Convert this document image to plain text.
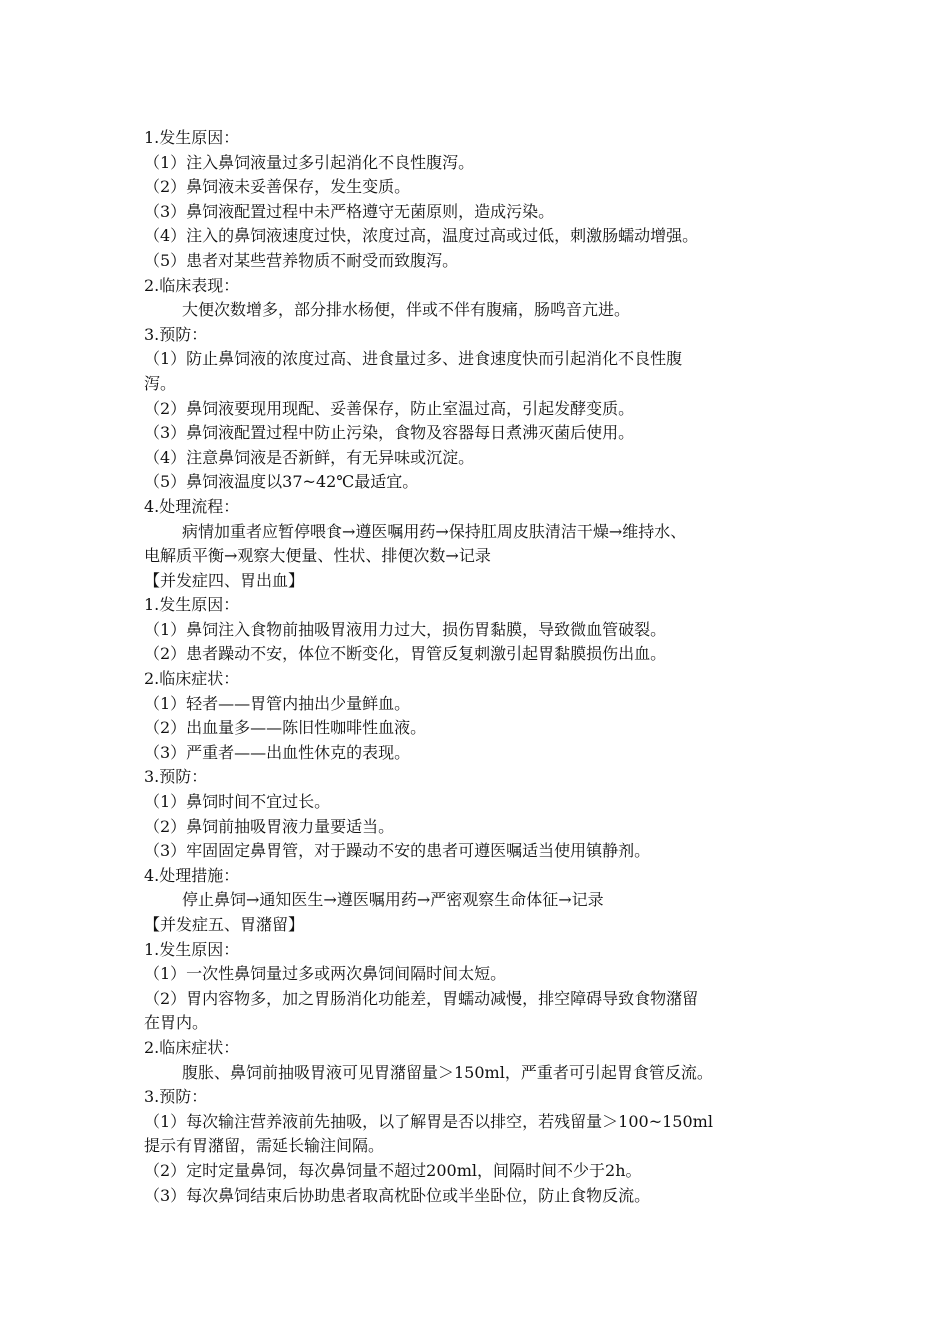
1.发生原因：
（1）注入鼻饲液量过多引起消化不良性腹泻。
（2）鼻饲液未妥善保存，发生变质。
（3）鼻饲液配置过程中未严格遵守无菌原则，造成污染。
（4）注入的鼻饲液速度过快，浓度过高，温度过高或过低，刺激肠蠕动增强。
（5）患者对某些营养物质不耐受而致腹泻。
2.临床表现：
大便次数增多，部分排水杨便，伴或不伴有腹痛，肠鸣音亢进。
3.预防：
（1）防止鼻饲液的浓度过高、进食量过多、进食速度快而引起消化不良性腹
泻。
（2）鼻饲液要现用现配、妥善保存，防止室温过高，引起发酵变质。
（3）鼻饲液配置过程中防止污染，食物及容器每日煮沸灭菌后使用。
（4）注意鼻饲液是否新鲜，有无异味或沉淀。
（5）鼻饲液温度以37~42℃最适宜。
4.处理流程：
病情加重者应暂停喂食→遵医嘱用药→保持肛周皮肤清洁干燥→维持水、
电解质平衡→观察大便量、性状、排便次数→记录
【并发症四、胃出血】
1.发生原因：
（1）鼻饲注入食物前抽吸胃液用力过大，损伤胃黏膜，导致微血管破裂。
（2）患者躁动不安，体位不断变化，胃管反复刺激引起胃黏膜损伤出血。
2.临床症状：
（1）轻者——胃管内抽出少量鲜血。
（2）出血量多——陈旧性咖啡性血液。
（3）严重者——出血性休克的表现。
3.预防：
（1）鼻饲时间不宜过长。
（2）鼻饲前抽吸胃液力量要适当。
（3）牢固固定鼻胃管，对于躁动不安的患者可遵医嘱适当使用镇静剂。
4.处理措施：
停止鼻饲→通知医生→遵医嘱用药→严密观察生命体征→记录
【并发症五、胃潴留】
1.发生原因：
（1）一次性鼻饲量过多或两次鼻饲间隔时间太短。
（2）胃内容物多，加之胃肠消化功能差，胃蠕动减慢，排空障碍导致食物潴留
在胃内。
2.临床症状：
腹胀、鼻饲前抽吸胃液可见胃潴留量＞150ml，严重者可引起胃食管反流。
3.预防：
（1）每次输注营养液前先抽吸，以了解胃是否以排空，若残留量＞100~150ml
提示有胃潴留，需延长输注间隔。
（2）定时定量鼻饲，每次鼻饲量不超过200ml，间隔时间不少于2h。
（3）每次鼻饲结束后协助患者取高枕卧位或半坐卧位，防止食物反流。
